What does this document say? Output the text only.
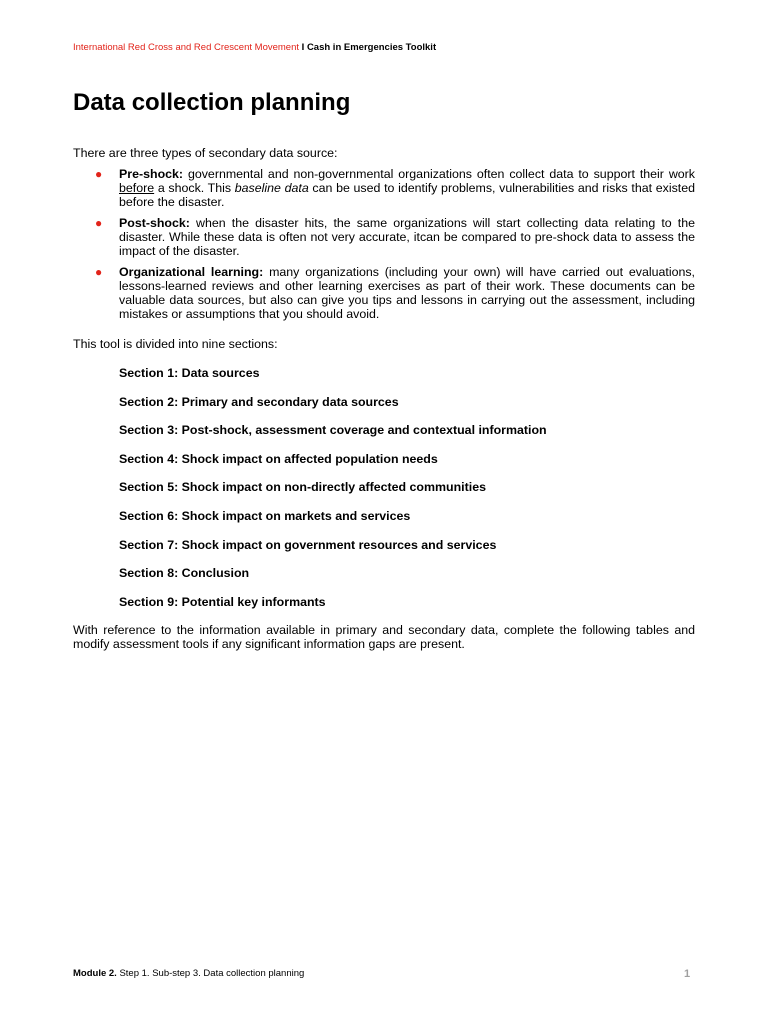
International Red Cross and Red Crescent Movement I Cash in Emergencies Toolkit
Data collection planning

There are three types of secondary data source:

● Pre-shock: governmental and non-governmental organizations often collect data to support their work before a shock. This baseline data can be used to identify problems, vulnerabilities and risks that existed before the disaster.
● Post-shock: when the disaster hits, the same organizations will start collecting data relating to the disaster. While these data is often not very accurate, itcan be compared to pre-shock data to assess the impact of the disaster.
● Organizational learning: many organizations (including your own) will have carried out evaluations, lessons-learned reviews and other learning exercises as part of their work. These documents can be valuable data sources, but also can give you tips and lessons in carrying out the assessment, including mistakes or assumptions that you should avoid.

This tool is divided into nine sections:

Section 1: Data sources
Section 2: Primary and secondary data sources
Section 3: Post-shock, assessment coverage and contextual information
Section 4: Shock impact on affected population needs
Section 5: Shock impact on non-directly affected communities
Section 6: Shock impact on markets and services
Section 7: Shock impact on government resources and services
Section 8: Conclusion
Section 9: Potential key informants

With reference to the information available in primary and secondary data, complete the following tables and modify assessment tools if any significant information gaps are present.

Module 2. Step 1. Sub-step 3. Data collection planning	1
